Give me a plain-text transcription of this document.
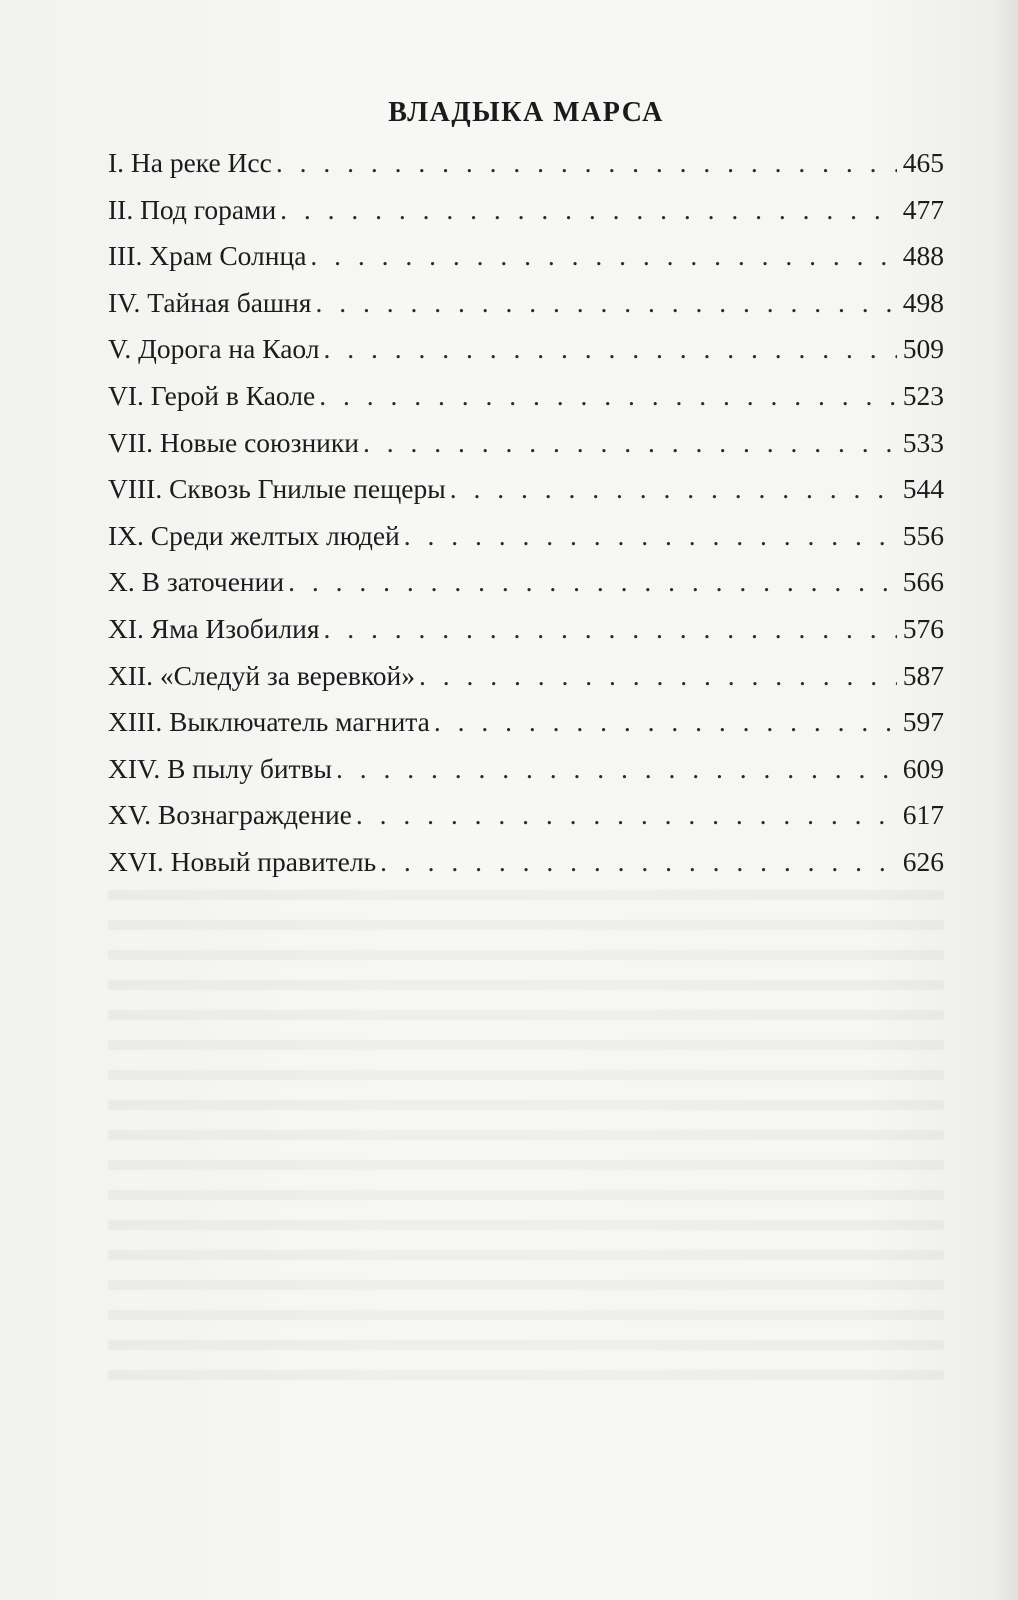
ВЛАДЫКА МАРСА
I. На реке Исс . . .	465
II. Под горами . . .	477
III. Храм Солнца . . .	488
IV. Тайная башня . . .	498
V. Дорога на Каол . . .	509
VI. Герой в Каоле . . .	523
VII. Новые союзники . . .	533
VIII. Сквозь Гнилые пещеры . . .	544
IX. Среди желтых людей . . .	556
X. В заточении . . .	566
XI. Яма Изобилия . . .	576
XII. «Следуй за веревкой» . . .	587
XIII. Выключатель магнита . . .	597
XIV. В пылу битвы . . .	609
XV. Вознаграждение . . .	617
XVI. Новый правитель . . .	626
